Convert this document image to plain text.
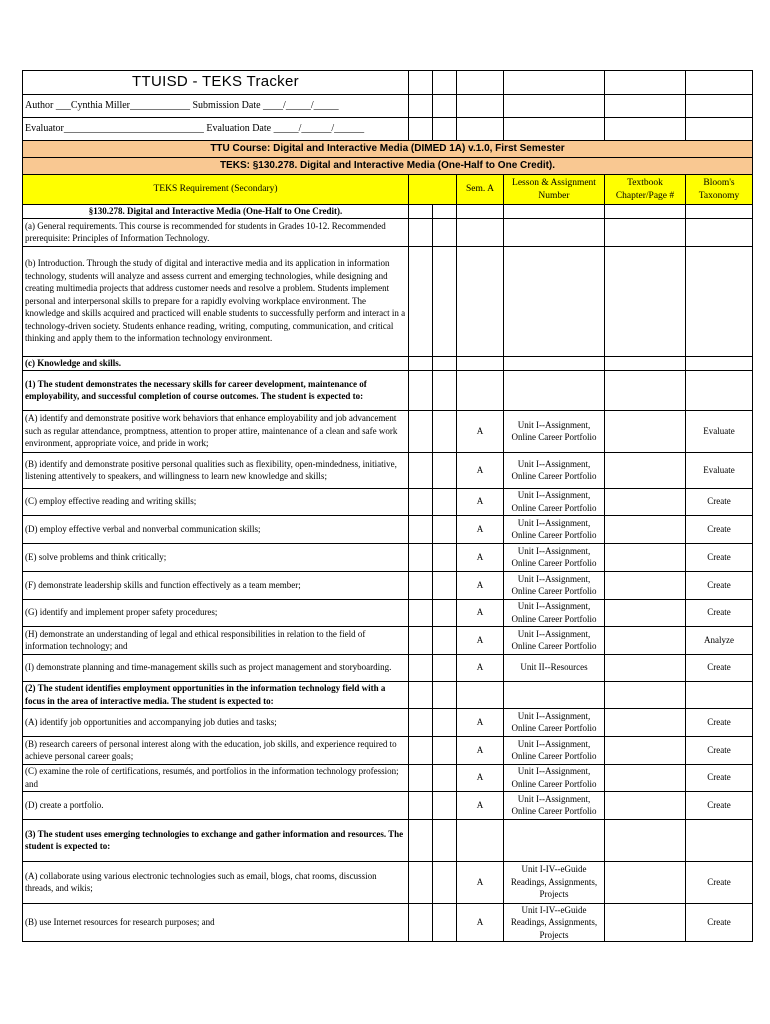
TTUISD - TEKS Tracker						
Author ___Cynthia Miller____________ Submission Date ____/_____/_____						
Evaluator____________________________ Evaluation Date _____/______/______						
TTU Course: Digital and Interactive Media (DIMED 1A) v.1.0, First Semester						
TEKS: §130.278. Digital and Interactive Media (One-Half to One Credit).						
TEKS Requirement (Secondary)			Sem. A	Lesson & Assignment Number	Textbook Chapter/Page #	Bloom's Taxonomy
§130.278. Digital and Interactive Media (One-Half to One Credit).						
(a) General requirements. This course is recommended for students in Grades 10-12. Recommended prerequisite: Principles of Information Technology.						
(b) Introduction. Through the study of digital and interactive media and its application in information technology, students will analyze and assess current and emerging technologies, while designing and creating multimedia projects that address customer needs and resolve a problem. Students implement personal and interpersonal skills to prepare for a rapidly evolving workplace environment. The knowledge and skills acquired and practiced will enable students to successfully perform and interact in a technology-driven society. Students enhance reading, writing, computing, communication, and critical thinking and apply them to the information technology environment.						
(c) Knowledge and skills.						
(1) The student demonstrates the necessary skills for career development, maintenance of employability, and successful completion of course outcomes. The student is expected to:						
(A) identify and demonstrate positive work behaviors that enhance employability and job advancement such as regular attendance, promptness, attention to proper attire, maintenance of a clean and safe work environment, appropriate voice, and pride in work;			A	Unit I--Assignment, Online Career Portfolio		Evaluate
(B) identify and demonstrate positive personal qualities such as flexibility, open-mindedness, initiative, listening attentively to speakers, and willingness to learn new knowledge and skills;			A	Unit I--Assignment, Online Career Portfolio		Evaluate
(C) employ effective reading and writing skills;			A	Unit I--Assignment, Online Career Portfolio		Create
(D) employ effective verbal and nonverbal communication skills;			A	Unit I--Assignment, Online Career Portfolio		Create
(E) solve problems and think critically;			A	Unit I--Assignment, Online Career Portfolio		Create
(F) demonstrate leadership skills and function effectively as a team member;			A	Unit I--Assignment, Online Career Portfolio		Create
(G) identify and implement proper safety procedures;			A	Unit I--Assignment, Online Career Portfolio		Create
(H) demonstrate an understanding of legal and ethical responsibilities in relation to the field of information technology; and			A	Unit I--Assignment, Online Career Portfolio		Analyze
(I) demonstrate planning and time-management skills such as project management and storyboarding.			A	Unit II--Resources		Create
(2) The student identifies employment opportunities in the information technology field with a focus in the area of interactive media. The student is expected to:						
(A) identify job opportunities and accompanying job duties and tasks;			A	Unit I--Assignment, Online Career Portfolio		Create
(B) research careers of personal interest along with the education, job skills, and experience required to achieve personal career goals;			A	Unit I--Assignment, Online Career Portfolio		Create
(C) examine the role of certifications, resumés, and portfolios in the information technology profession; and			A	Unit I--Assignment, Online Career Portfolio		Create
(D) create a portfolio.			A	Unit I--Assignment, Online Career Portfolio		Create
(3) The student uses emerging technologies to exchange and gather information and resources. The student is expected to:						
(A) collaborate using various electronic technologies such as email, blogs, chat rooms, discussion threads, and wikis;			A	Unit I-IV--eGuide Readings, Assignments, Projects		Create
(B) use Internet resources for research purposes; and			A	Unit I-IV--eGuide Readings, Assignments, Projects		Create
